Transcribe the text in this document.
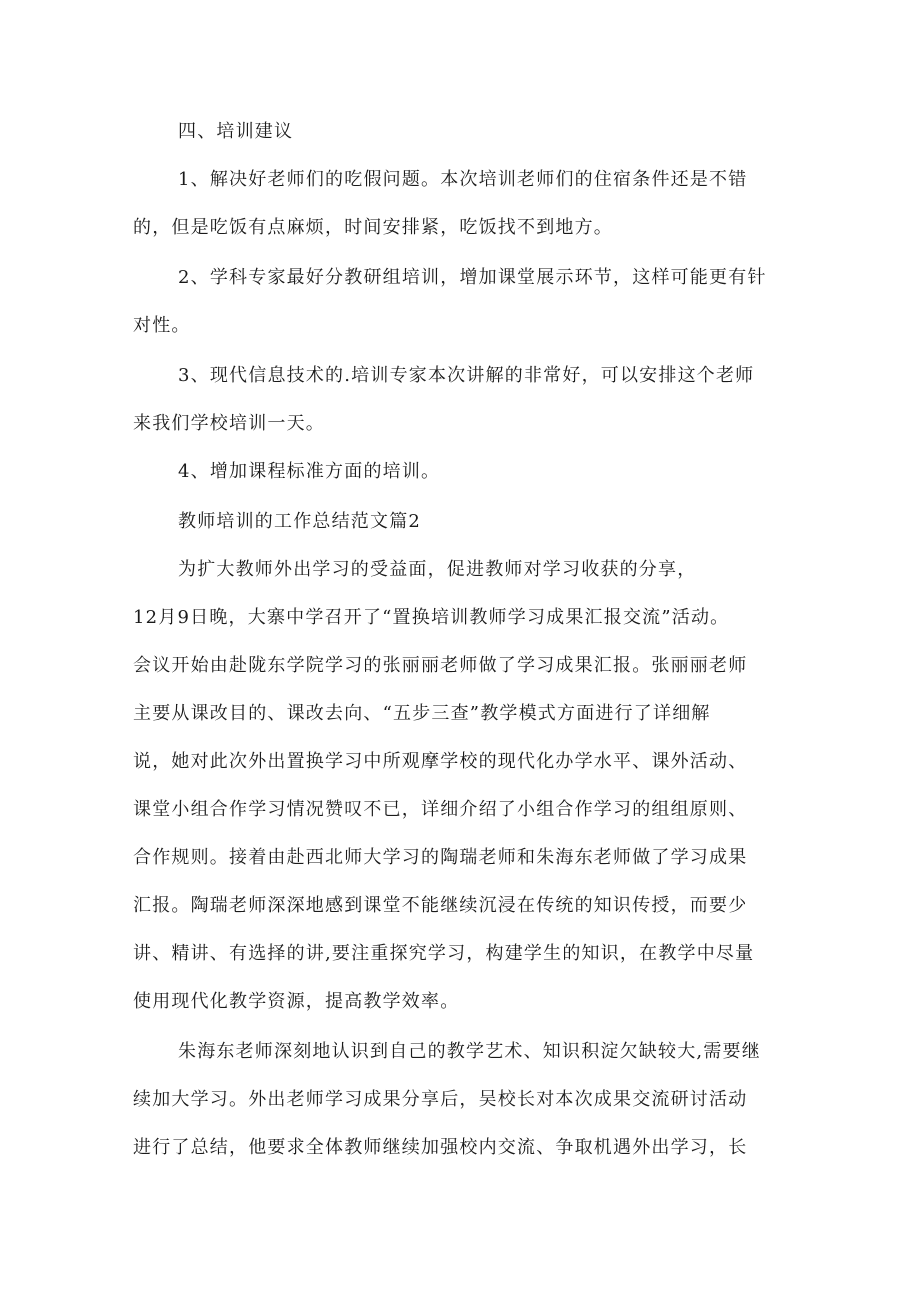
四、培训建议
1、解决好老师们的吃假问题。本次培训老师们的住宿条件还是不错
的，但是吃饭有点麻烦，时间安排紧，吃饭找不到地方。
2、学科专家最好分教研组培训，增加课堂展示环节，这样可能更有针
对性。
3、现代信息技术的.培训专家本次讲解的非常好，可以安排这个老师
来我们学校培训一天。
4、增加课程标准方面的培训。
教师培训的工作总结范文篇2
为扩大教师外出学习的受益面，促进教师对学习收获的分享，
12月9日晚，大寨中学召开了“置换培训教师学习成果汇报交流”活动。
会议开始由赴陇东学院学习的张丽丽老师做了学习成果汇报。张丽丽老师
主要从课改目的、课改去向、“五步三查”教学模式方面进行了详细解
说，她对此次外出置换学习中所观摩学校的现代化办学水平、课外活动、
课堂小组合作学习情况赞叹不已，详细介绍了小组合作学习的组组原则、
合作规则。接着由赴西北师大学习的陶瑞老师和朱海东老师做了学习成果
汇报。陶瑞老师深深地感到课堂不能继续沉浸在传统的知识传授，而要少
讲、精讲、有选择的讲,要注重探究学习，构建学生的知识，在教学中尽量
使用现代化教学资源，提高教学效率。
朱海东老师深刻地认识到自己的教学艺术、知识积淀欠缺较大,需要继
续加大学习。外出老师学习成果分享后，吴校长对本次成果交流研讨活动
进行了总结，他要求全体教师继续加强校内交流、争取机遇外出学习，长
